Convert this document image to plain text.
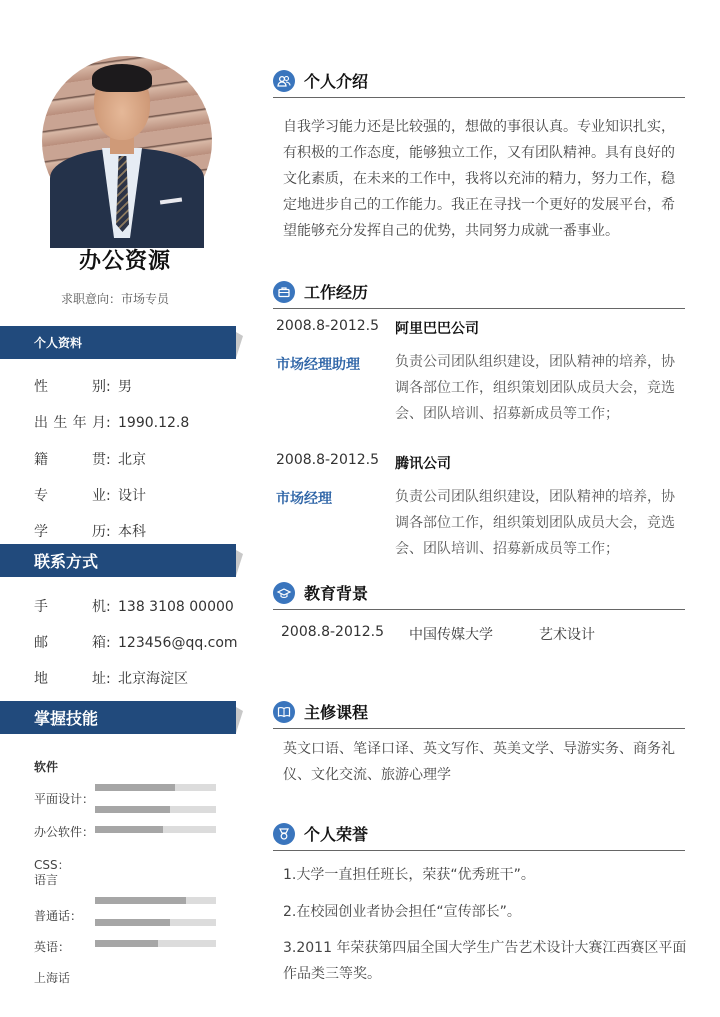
办公资源
求职意向：市场专员
个人资料
性别: 男
出生年月: 1990.12.8
籍贯: 北京
专业: 设计
学历: 本科
联系方式
手机: 138 3108 00000
邮箱: 123456@qq.com
地址: 北京海淀区
掌握技能
软件
平面设计：
办公软件：
CSS：
语言
普通话：
英语：
上海话
个人介绍
自我学习能力还是比较强的，想做的事很认真。专业知识扎实，有积极的工作态度，能够独立工作，又有团队精神。具有良好的文化素质，在未来的工作中，我将以充沛的精力，努力工作，稳定地进步自己的工作能力。我正在寻找一个更好的发展平台，希望能够充分发挥自己的优势，共同努力成就一番事业。
工作经历
2008.8-2012.5 阿里巴巴公司
市场经理助理	负责公司团队组织建设，团队精神的培养，协调各部位工作，组织策划团队成员大会，竞选会、团队培训、招募新成员等工作；
2008.8-2012.5 腾讯公司
市场经理	负责公司团队组织建设，团队精神的培养，协调各部位工作，组织策划团队成员大会，竞选会、团队培训、招募新成员等工作；
教育背景
2008.8-2012.5	中国传媒大学	艺术设计
主修课程
英文口语、笔译口译、英文写作、英美文学、导游实务、商务礼仪、文化交流、旅游心理学
个人荣誉
1.大学一直担任班长，荣获“优秀班干”。
2.在校园创业者协会担任“宣传部长”。
3.2011 年荣获第四届全国大学生广告艺术设计大赛江西赛区平面作品类三等奖。
